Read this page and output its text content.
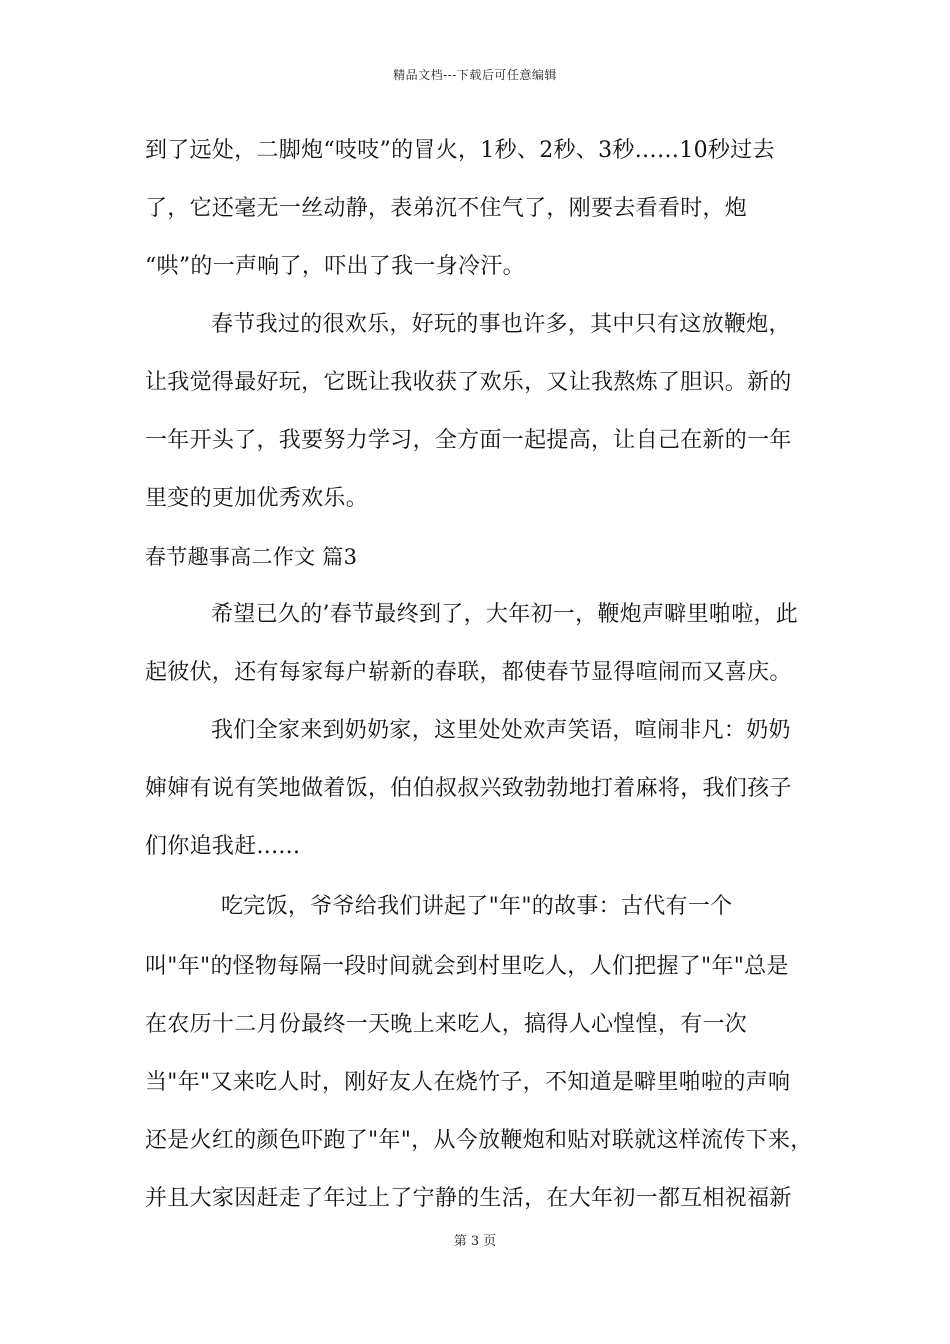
精品文档---下载后可任意编辑
到了远处，二脚炮“吱吱”的冒火，1秒、2秒、3秒……10秒过去
了，它还毫无一丝动静，表弟沉不住气了，刚要去看看时，炮
“哄”的一声响了，吓出了我一身冷汗。
春节我过的很欢乐，好玩的事也许多，其中只有这放鞭炮，
让我觉得最好玩，它既让我收获了欢乐，又让我熬炼了胆识。新的
一年开头了，我要努力学习，全方面一起提高，让自己在新的一年
里变的更加优秀欢乐。
春节趣事高二作文 篇3
希望已久的’春节最终到了，大年初一，鞭炮声噼里啪啦，此
起彼伏，还有每家每户崭新的春联，都使春节显得喧闹而又喜庆。
我们全家来到奶奶家，这里处处欢声笑语，喧闹非凡：奶奶
婶婶有说有笑地做着饭，伯伯叔叔兴致勃勃地打着麻将，我们孩子
们你追我赶......
吃完饭，爷爷给我们讲起了"年"的故事：古代有一个
叫"年"的怪物每隔一段时间就会到村里吃人，人们把握了"年"总是
在农历十二月份最终一天晚上来吃人，搞得人心惶惶，有一次
当"年"又来吃人时，刚好友人在烧竹子，不知道是噼里啪啦的声响
还是火红的颜色吓跑了"年"，从今放鞭炮和贴对联就这样流传下来，
并且大家因赶走了年过上了宁静的生活，在大年初一都互相祝福新
第 3 页
